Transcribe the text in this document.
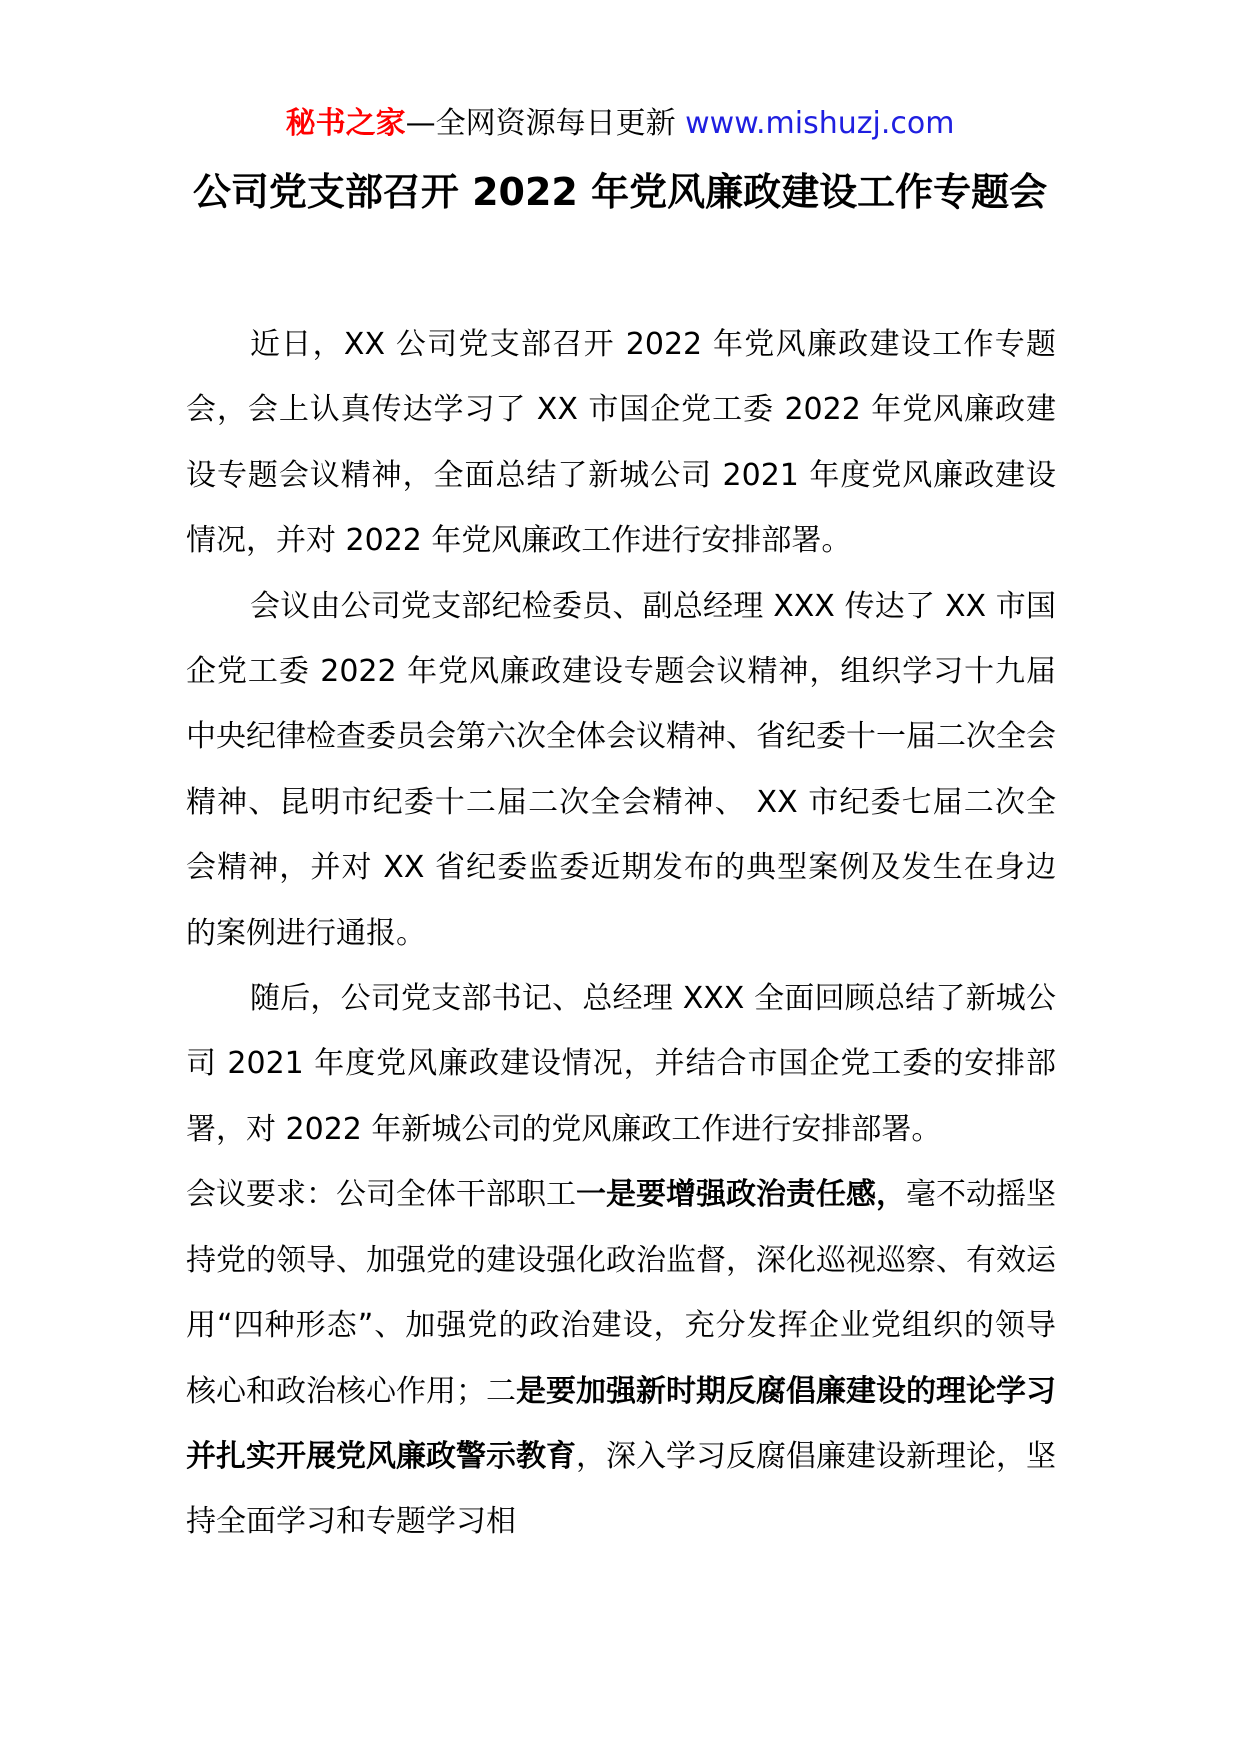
秘书之家—全网资源每日更新 www.mishuzj.com
公司党支部召开 2022 年党风廉政建设工作专题会

近日，XX 公司党支部召开 2022 年党风廉政建设工作专题会，会上认真传达学习了 XX 市国企党工委 2022 年党风廉政建设专题会议精神，全面总结了新城公司 2021 年度党风廉政建设情况，并对 2022 年党风廉政工作进行安排部署。

会议由公司党支部纪检委员、副总经理 XXX 传达了 XX 市国企党工委 2022 年党风廉政建设专题会议精神，组织学习十九届中央纪律检查委员会第六次全体会议精神、省纪委十一届二次全会精神、昆明市纪委十二届二次全会精神、 XX 市纪委七届二次全会精神，并对 XX 省纪委监委近期发布的典型案例及发生在身边的案例进行通报。

随后，公司党支部书记、总经理 XXX 全面回顾总结了新城公司 2021 年度党风廉政建设情况，并结合市国企党工委的安排部署，对 2022 年新城公司的党风廉政工作进行安排部署。

会议要求：公司全体干部职工一是要增强政治责任感，毫不动摇坚持党的领导、加强党的建设强化政治监督，深化巡视巡察、有效运用“四种形态”、加强党的政治建设，充分发挥企业党组织的领导核心和政治核心作用；二是要加强新时期反腐倡廉建设的理论学习并扎实开展党风廉政警示教育，深入学习反腐倡廉建设新理论，坚持全面学习和专题学习相
